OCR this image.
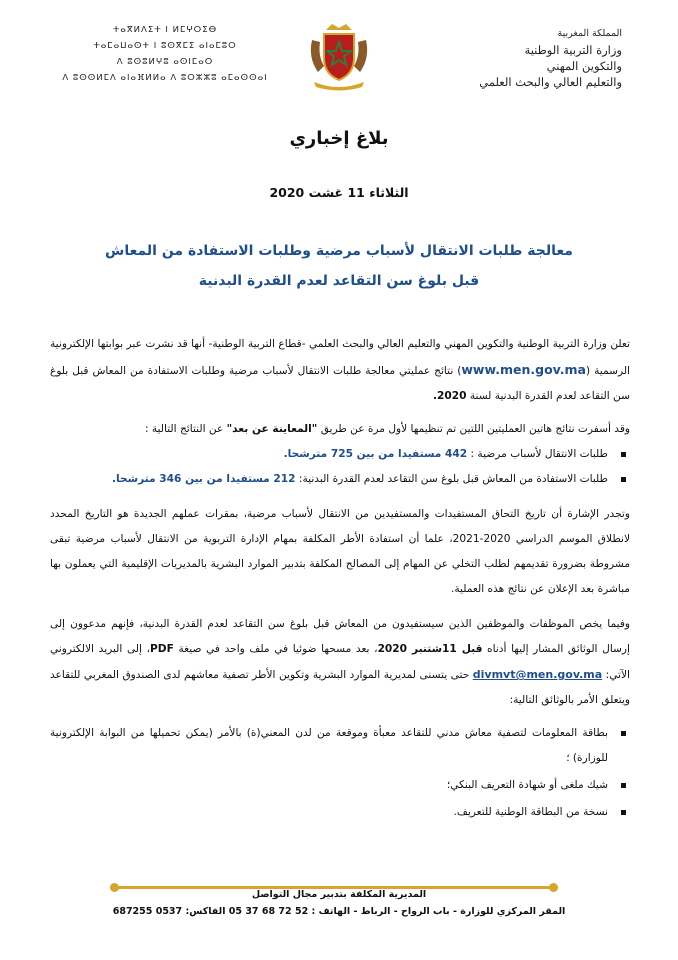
المملكة المغربية
وزارة التربية الوطنية
والتكوين المهني
والتعليم العالي والبحث العلمي
ⵜⴰⴳⵍⴷⵉⵜ ⵏ ⵍⵎⵖⵔⵉⴱ
ⵜⴰⵎⴰⵡⴰⵙⵜ ⵏ ⵓⵙⴳⵎⵉ ⴰⵏⴰⵎⵓⵔ
ⴷ ⵓⵙⵓⵍⵖⵓ ⴰⵙⵏⵎⴰⵔ
ⴷ ⵓⵙⵙⵍⵎⴷ ⴰⵏⴰⴼⵍⵍⴰ ⴷ ⵓⵔⵣⵣⵓ ⴰⵎⴰⵙⵙⴰⵏ
بلاغ إخباري
الثلاثاء 11 غشت 2020
معالجة طلبات الانتقال لأسباب مرضية وطلبات الاستفادة من المعاش
قبل بلوغ سن التقاعد لعدم القدرة البدنية

تعلن وزارة التربية الوطنية والتكوين المهني والتعليم العالي والبحث العلمي -قطاع التربية الوطنية- أنها قد نشرت عبر بوابتها الإلكترونية الرسمية (www.men.gov.ma) نتائج عمليتي معالجة طلبات الانتقال لأسباب مرضية وطلبات الاستفادة من المعاش قبل بلوغ سن التقاعد لعدم القدرة البدنية لسنة 2020.

وقد أسفرت نتائج هاتين العمليتين اللتين تم تنظيمها لأول مرة عن طريق "المعاينة عن بعد" عن النتائج التالية :

طلبات الانتقال لأسباب مرضية : 442 مستفيدا من بين 725 مترشحا.
طلبات الاستفادة من المعاش قبل بلوغ سن التقاعد لعدم القدرة البدنية: 212 مستفيدا من بين 346 مترشحا.

وتجدر الإشارة أن تاريخ التحاق المستفيدات والمستفيدين من الانتقال لأسباب مرضية، بمقرات عملهم الجديدة هو التاريخ المحدد لانطلاق الموسم الدراسي 2020-2021، علما أن استفادة الأطر المكلفة بمهام الإدارة التربوية من الانتقال لأسباب مرضية تبقى مشروطة بضرورة تقديمهم لطلب التخلي عن المهام إلى المصالح المكلفة بتدبير الموارد البشرية بالمديريات الإقليمية التي يعملون بها مباشرة بعد الإعلان عن نتائج هذه العملية.

وفيما يخص الموظفات والموظفين الذين سيستفيدون من المعاش قبل بلوغ سن التقاعد لعدم القدرة البدنية، فإنهم مدعوون إلى إرسال الوثائق المشار إليها أدناه قبل 11شتنبر 2020، بعد مسحها ضوئيا في ملف واحد في صيغة PDF، إلى البريد الالكتروني الآتي: divmvt@men.gov.ma حتى يتسنى لمديرية الموارد البشرية وتكوين الأطر تصفية معاشهم لدى الصندوق المغربي للتقاعد ويتعلق الأمر بالوثائق التالية:

بطاقة المعلومات لتصفية معاش مدني للتقاعد معبأة وموقعة من لدن المعني(ة) بالأمر (يمكن تحميلها من البوابة الإلكترونية للوزارة) ؛
شيك ملغى أو شهادة التعريف البنكي؛
نسخة من البطاقة الوطنية للتعريف.
المديرية المكلفة بتدبير مجال التواصل
المقر المركزي للوزارة - باب الرواح - الرباط - الهاتف : 52 72 68 37 05 الفاكس: 0537 687255
